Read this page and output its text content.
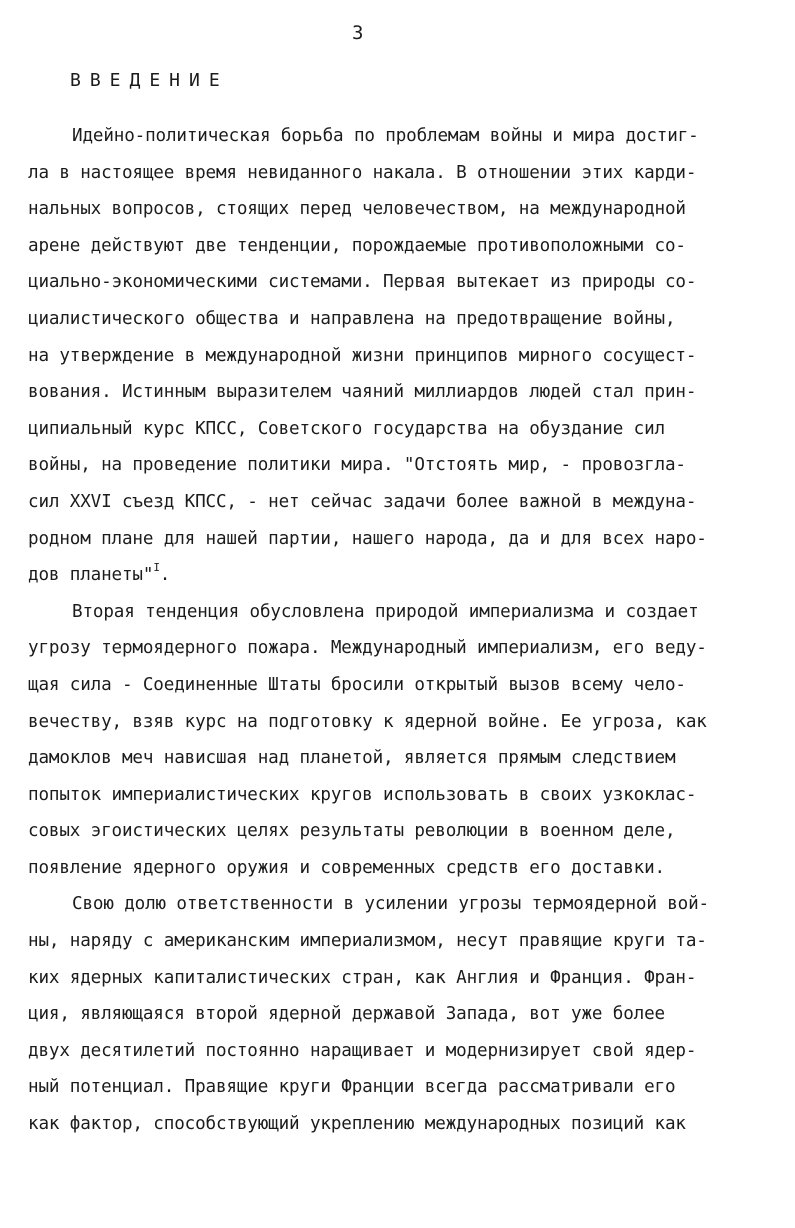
3
ВВЕДЕНИЕ
Идейно-политическая борьба по проблемам войны и мира достиг-
ла в настоящее время невиданного накала. В отношении этих карди-
нальных вопросов, стоящих перед человечеством, на международной
арене действуют две тенденции, порождаемые противоположными со-
циально-экономическими системами. Первая вытекает из природы со-
циалистического общества и направлена на предотвращение войны,
на утверждение в международной жизни принципов мирного сосущест-
вования. Истинным выразителем чаяний миллиардов людей стал прин-
ципиальный курс КПСС, Советского государства на обуздание сил
войны, на проведение политики мира. "Отстоять мир, - провозгла-
сил XXVI съезд КПСС, - нет сейчас задачи более важной в междуна-
родном плане для нашей партии, нашего народа, да и для всех наро-
дов планеты"$^I$.
Вторая тенденция обусловлена природой империализма и создает
угрозу термоядерного пожара. Международный империализм, его веду-
щая сила - Соединенные Штаты бросили открытый вызов всему чело-
вечеству, взяв курс на подготовку к ядерной войне. Ее угроза, как
дамоклов меч нависшая над планетой, является прямым следствием
попыток империалистических кругов использовать в своих узкоклас-
совых эгоистических целях результаты революции в военном деле,
появление ядерного оружия и современных средств его доставки.
Свою долю ответственности в усилении угрозы термоядерной вой-
ны, наряду с американским империализмом, несут правящие круги та-
ких ядерных капиталистических стран, как Англия и Франция. Фран-
ция, являющаяся второй ядерной державой Запада, вот уже более
двух десятилетий постоянно наращивает и модернизирует свой ядер-
ный потенциал. Правящие круги Франции всегда рассматривали его
как фактор, способствующий укреплению международных позиций как
